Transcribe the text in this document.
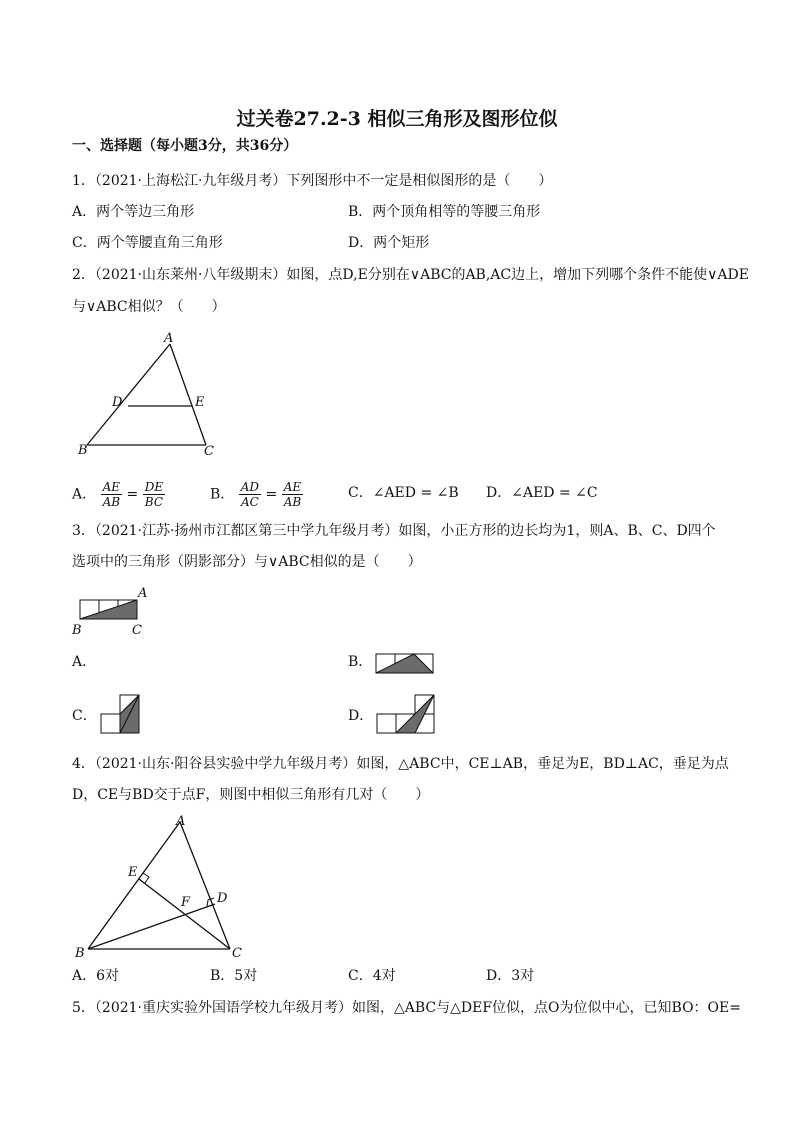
过关卷27.2-3 相似三角形及图形位似
一、选择题（每小题3分，共36分）
1．（2021·上海松江·九年级月考）下列图形中不一定是相似图形的是（　　）
A．两个等边三角形	B．两个顶角相等的等腰三角形
C．两个等腰直角三角形	D．两个矩形
2．（2021·山东莱州·八年级期末）如图，点D,E分别在∨ABC的AB,AC边上，增加下列哪个条件不能使∨ADE
与∨ABC相似？（　　）
A
D	E
B	C
A． $\frac{AE}{AB} = \frac{DE}{BC}$	B． $\frac{AD}{AC} = \frac{AE}{AB}$	C．∠AED = ∠B D．∠AED = ∠C
3．（2021·江苏·扬州市江都区第三中学九年级月考）如图，小正方形的边长均为1，则A、B、C、D四个
选项中的三角形（阴影部分）与∨ABC相似的是（　　）
A
B	C
A．	B．
C．	D．
4．（2021·山东·阳谷县实验中学九年级月考）如图，△ABC中，CE⊥AB，垂足为E，BD⊥AC，垂足为点
D，CE与BD交于点F，则图中相似三角形有几对（　　）
A
E
F D
B	C
A．6对	B．5对	C．4对	D．3对
5．（2021·重庆实验外国语学校九年级月考）如图，△ABC与△DEF位似，点O为位似中心，已知BO：OE=
